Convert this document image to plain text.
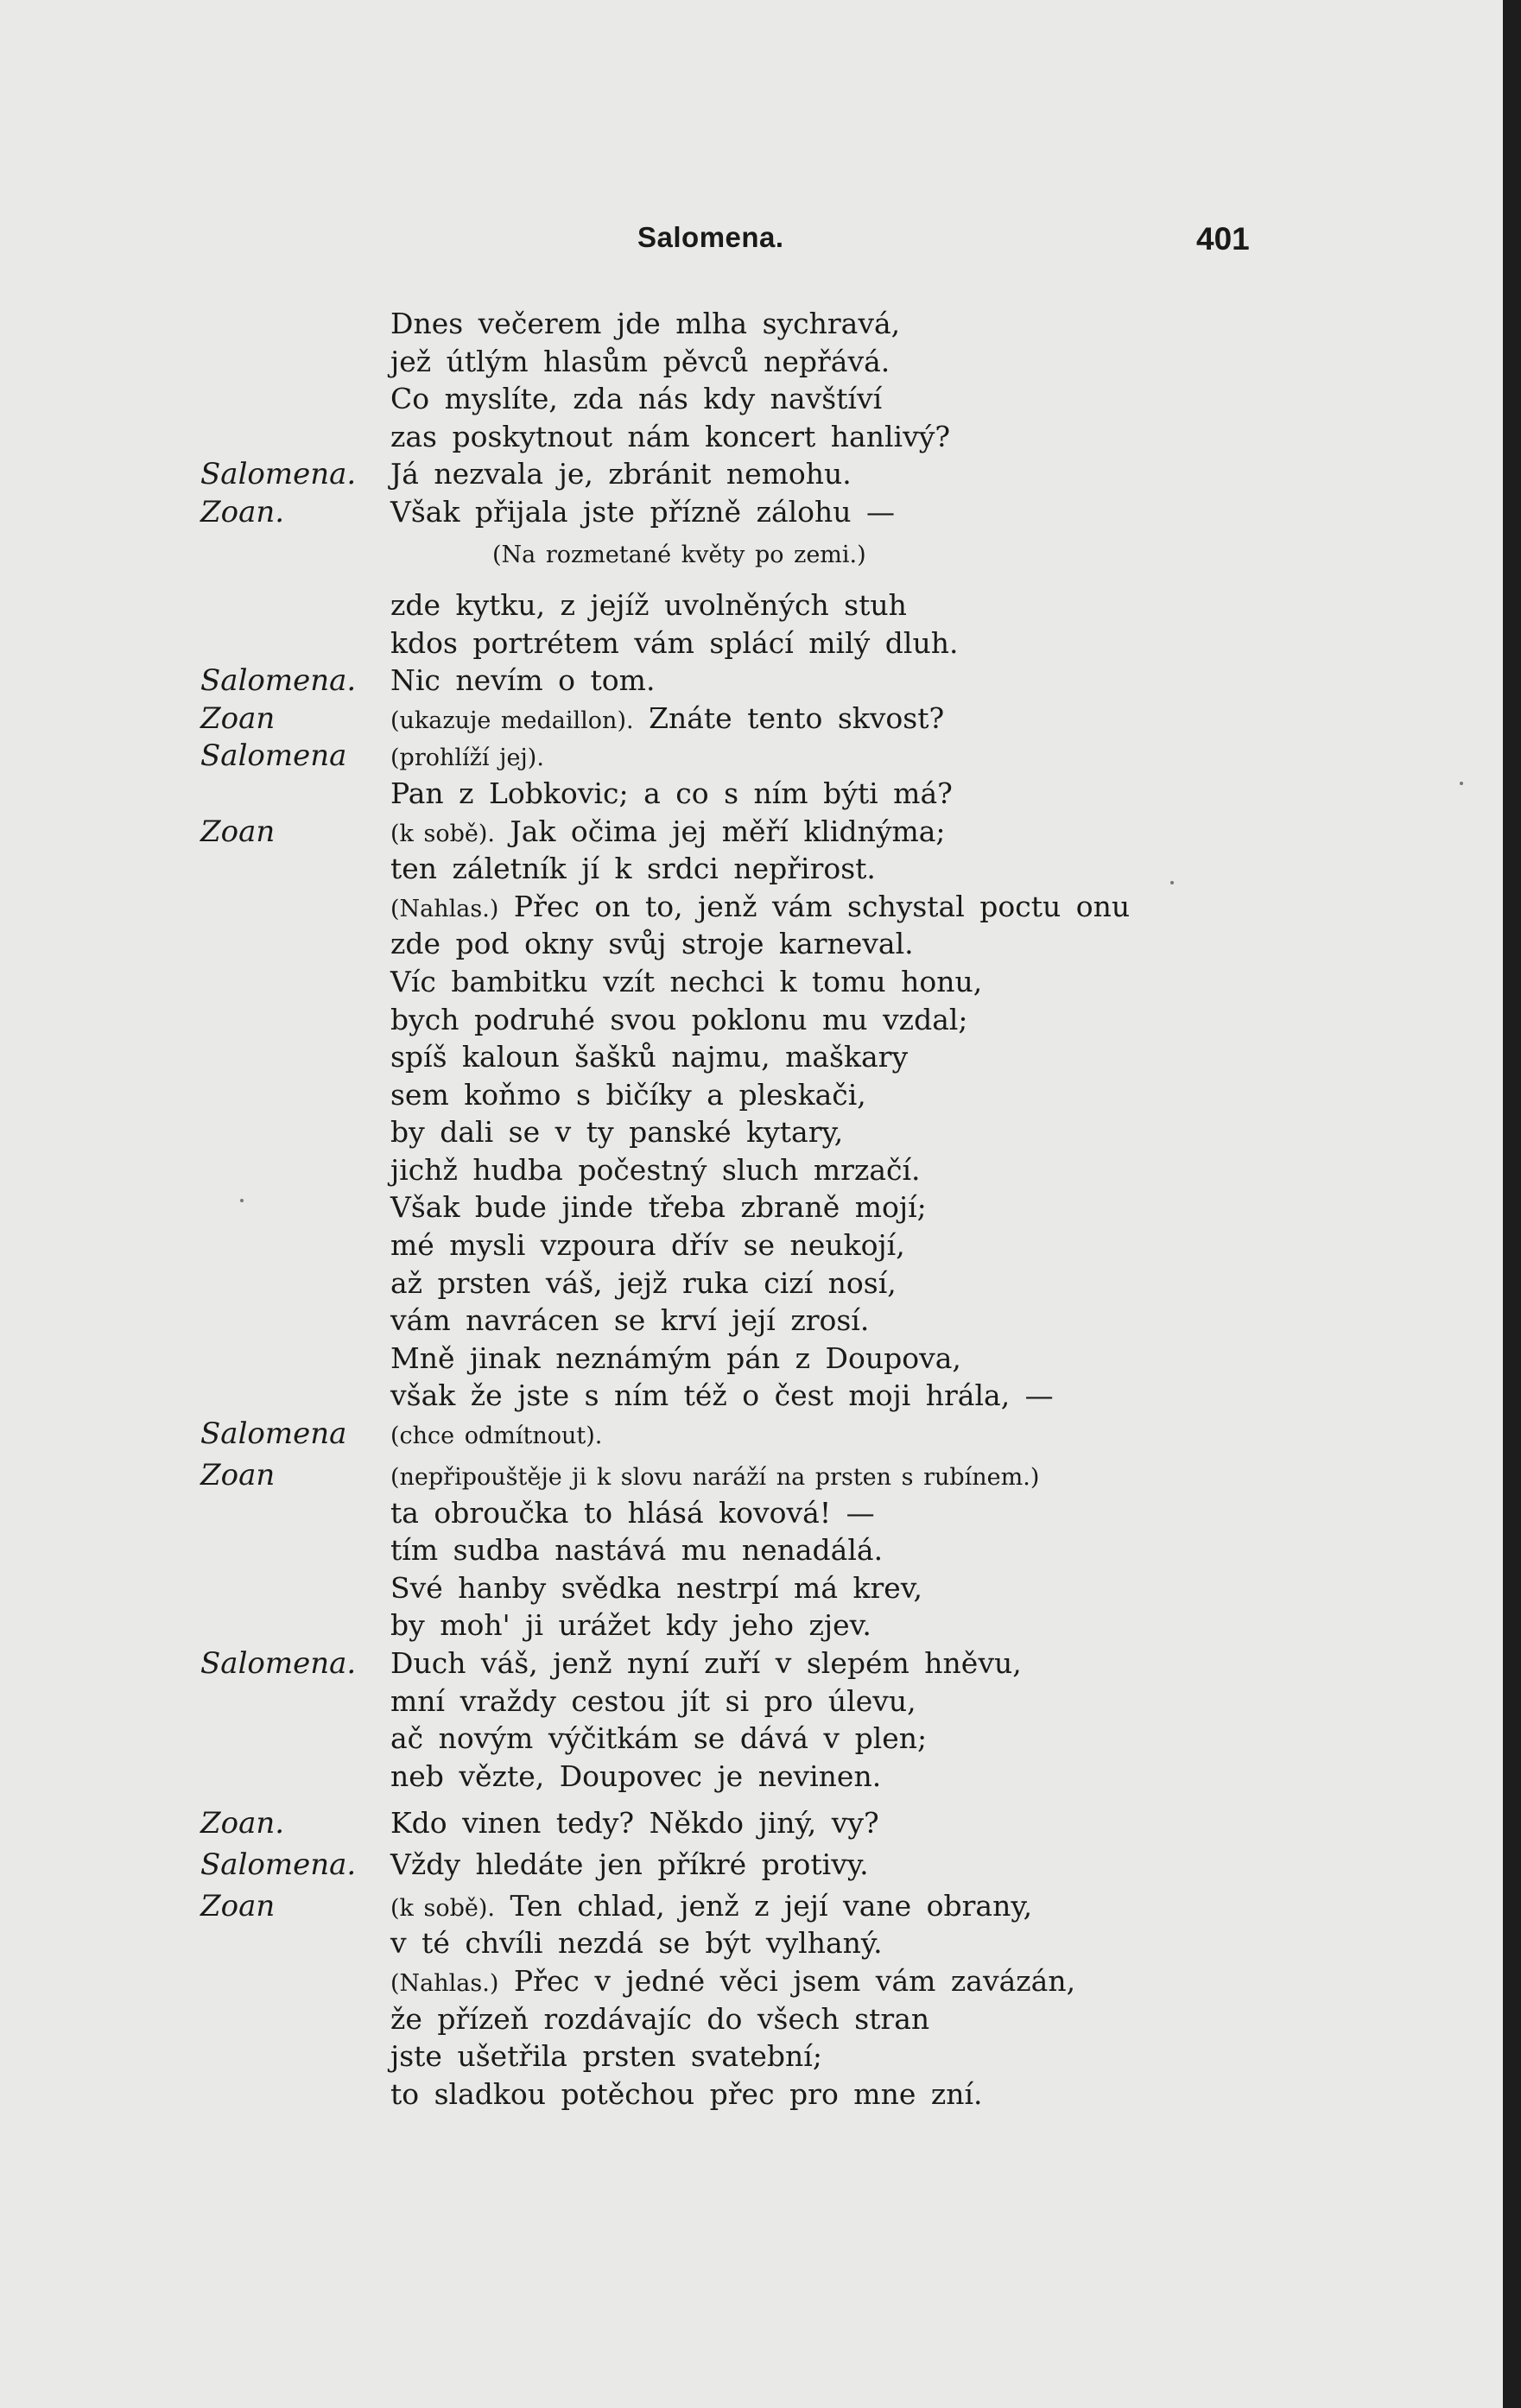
Salomena.	401
Dnes večerem jde mlha sychravá,
jež útlým hlasům pěvců nepřává.
Co myslíte, zda nás kdy navštíví
zas poskytnout nám koncert hanlivý?
Salomena. Já nezvala je, zbránit nemohu.
Zoan.	Však přijala jste přízně zálohu —
(Na rozmetané květy po zemi.)
zde kytku, z jejíž uvolněných stuh
kdos portrétem vám splácí milý dluh.
Salomena. Nic nevím o tom.
Zoan	(ukazuje medaillon). Znáte tento skvost?
Salomena (prohlíží jej).
Pan z Lobkovic; a co s ním býti má?
Zoan	(k sobě). Jak očima jej měří klidnýma;
ten záletník jí k srdci nepřirost.
(Nahlas.) Přec on to, jenž vám schystal poctu onu
zde pod okny svůj stroje karneval.
Víc bambitku vzít nechci k tomu honu,
bych podruhé svou poklonu mu vzdal;
spíš kaloun šašků najmu, maškary
sem koňmo s bičíky a pleskači,
by dali se v ty panské kytary,
jichž hudba počestný sluch mrzačí.
Však bude jinde třeba zbraně mojí;
mé mysli vzpoura dřív se neukojí,
až prsten váš, jejž ruka cizí nosí,
vám navrácen se krví její zrosí.
Mně jinak neznámým pán z Doupova,
však že jste s ním též o čest moji hrála, —
Salomena (chce odmítnout).
Zoan	(nepřipouštěje ji k slovu naráží na prsten s rubínem.)
ta obroučka to hlásá kovová! —
tím sudba nastává mu nenadálá.
Své hanby svědka nestrpí má krev,
by moh' ji urážet kdy jeho zjev.
Salomena. Duch váš, jenž nyní zuří v slepém hněvu,
mní vraždy cestou jít si pro úlevu,
ač novým výčitkám se dává v plen;
neb vězte, Doupovec je nevinen.
Zoan.	Kdo vinen tedy? Někdo jiný, vy?
Salomena. Vždy hledáte jen příkré protivy.
Zoan	(k sobě). Ten chlad, jenž z její vane obrany,
v té chvíli nezdá se být vylhaný.
(Nahlas.) Přec v jedné věci jsem vám zavázán,
že přízeň rozdávajíc do všech stran
jste ušetřila prsten svatební;
to sladkou potěchou přec pro mne zní.
